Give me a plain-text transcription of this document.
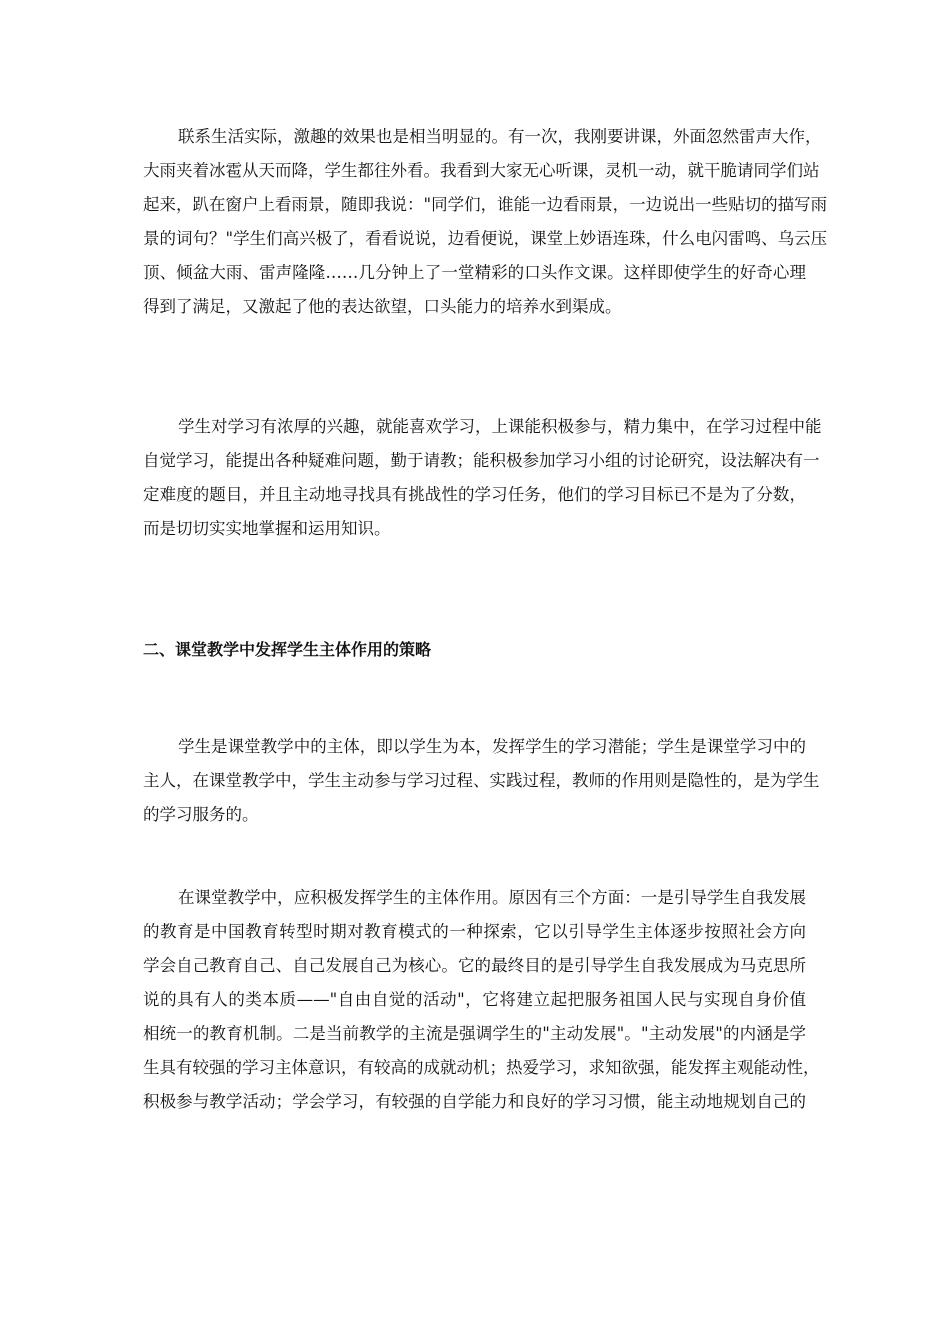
联系生活实际，激趣的效果也是相当明显的。有一次，我刚要讲课，外面忽然雷声大作，
大雨夹着冰雹从天而降，学生都往外看。我看到大家无心听课，灵机一动，就干脆请同学们站
起来，趴在窗户上看雨景，随即我说："同学们，谁能一边看雨景，一边说出一些贴切的描写雨
景的词句？"学生们高兴极了，看看说说，边看便说，课堂上妙语连珠，什么电闪雷鸣、乌云压
顶、倾盆大雨、雷声隆隆……几分钟上了一堂精彩的口头作文课。这样即使学生的好奇心理
得到了满足，又激起了他的表达欲望，口头能力的培养水到渠成。
学生对学习有浓厚的兴趣，就能喜欢学习，上课能积极参与，精力集中，在学习过程中能
自觉学习，能提出各种疑难问题，勤于请教；能积极参加学习小组的讨论研究，设法解决有一
定难度的题目，并且主动地寻找具有挑战性的学习任务，他们的学习目标已不是为了分数，
而是切切实实地掌握和运用知识。
二、课堂教学中发挥学生主体作用的策略
学生是课堂教学中的主体，即以学生为本，发挥学生的学习潜能；学生是课堂学习中的
主人，在课堂教学中，学生主动参与学习过程、实践过程，教师的作用则是隐性的，是为学生
的学习服务的。
在课堂教学中，应积极发挥学生的主体作用。原因有三个方面：一是引导学生自我发展
的教育是中国教育转型时期对教育模式的一种探索，它以引导学生主体逐步按照社会方向
学会自己教育自己、自己发展自己为核心。它的最终目的是引导学生自我发展成为马克思所
说的具有人的类本质——"自由自觉的活动"，它将建立起把服务祖国人民与实现自身价值
相统一的教育机制。二是当前教学的主流是强调学生的"主动发展"。"主动发展"的内涵是学
生具有较强的学习主体意识，有较高的成就动机；热爱学习，求知欲强，能发挥主观能动性，
积极参与教学活动；学会学习，有较强的自学能力和良好的学习习惯，能主动地规划自己的
